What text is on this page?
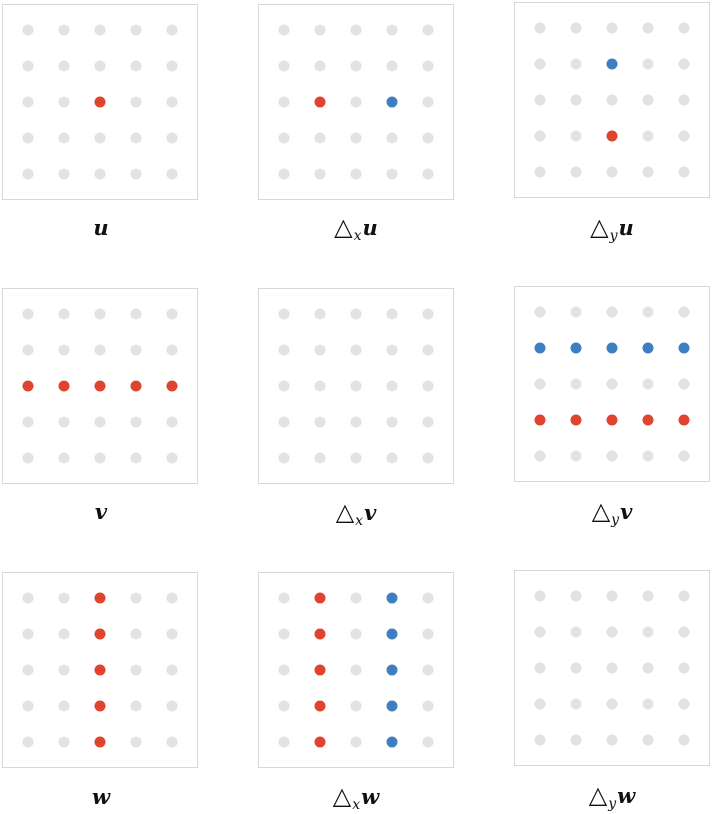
u	$\triangle_xu$	$\triangle_yu$
v	$\triangle_xv$	$\triangle_yv$
w	$\triangle_xw$	$\triangle_yw$
